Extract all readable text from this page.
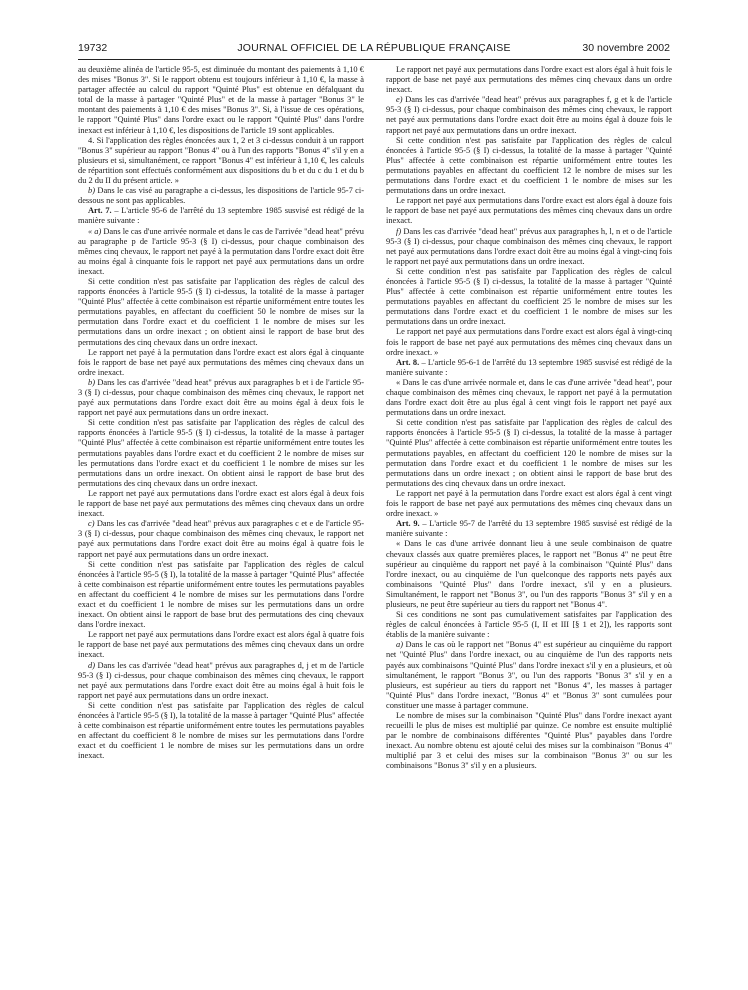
19732	JOURNAL OFFICIEL DE LA RÉPUBLIQUE FRANÇAISE	30 novembre 2002

au deuxième alinéa de l'article 95-5, est diminuée du montant des paiements à 1,10 € des mises "Bonus 3". Si le rapport obtenu est toujours inférieur à 1,10 €, la masse à partager affectée au calcul du rapport "Quinté Plus" est obtenue en défalquant du total de la masse à partager "Quinté Plus" et de la masse à partager "Bonus 3" le montant des paiements à 1,10 € des mises "Bonus 3". Si, à l'issue de ces opérations, le rapport "Quinté Plus" dans l'ordre exact ou le rapport "Quinté Plus" dans l'ordre inexact est inférieur à 1,10 €, les dispositions de l'article 19 sont applicables.

4. Si l'application des règles énoncées aux 1, 2 et 3 ci-dessus conduit à un rapport "Bonus 3" supérieur au rapport "Bonus 4" ou à l'un des rapports "Bonus 4" s'il y en a plusieurs et si, simultanément, ce rapport "Bonus 4" est inférieur à 1,10 €, les calculs de répartition sont effectués conformément aux dispositions du b et du c du 1 et du b du 2 du II du présent article. »

b) Dans le cas visé au paragraphe a ci-dessus, les dispositions de l'article 95-7 ci-dessous ne sont pas applicables.

Art. 7. – L'article 95-6 de l'arrêté du 13 septembre 1985 susvisé est rédigé de la manière suivante :

« a) Dans le cas d'une arrivée normale et dans le cas de l'arrivée "dead heat" prévu au paragraphe p de l'article 95-3 (§ I) ci-dessus, pour chaque combinaison des mêmes cinq chevaux, le rapport net payé à la permutation dans l'ordre exact doit être au moins égal à cinquante fois le rapport net payé aux permutations dans un ordre inexact.

Si cette condition n'est pas satisfaite par l'application des règles de calcul des rapports énoncées à l'article 95-5 (§ I) ci-dessus, la totalité de la masse à partager "Quinté Plus" affectée à cette combinaison est répartie uniformément entre toutes les permutations payables, en affectant du coefficient 50 le nombre de mises sur la permutation dans l'ordre exact et du coefficient 1 le nombre de mises sur les permutations dans un ordre inexact ; on obtient ainsi le rapport de base brut des permutations des cinq chevaux dans un ordre inexact.

Le rapport net payé à la permutation dans l'ordre exact est alors égal à cinquante fois le rapport de base net payé aux permutations des mêmes cinq chevaux dans un ordre inexact.

b) Dans les cas d'arrivée "dead heat" prévus aux paragraphes b et i de l'article 95-3 (§ I) ci-dessus, pour chaque combinaison des mêmes cinq chevaux, le rapport net payé aux permutations dans l'ordre exact doit être au moins égal à deux fois le rapport net payé aux permutations dans un ordre inexact.

Si cette condition n'est pas satisfaite par l'application des règles de calcul des rapports énoncées à l'article 95-5 (§ I) ci-dessus, la totalité de la masse à partager "Quinté Plus" affectée à cette combinaison est répartie uniformément entre toutes les permutations payables dans l'ordre exact et du coefficient 2 le nombre de mises sur les permutations dans l'ordre exact et du coefficient 1 le nombre de mises sur les permutations dans un ordre inexact. On obtient ainsi le rapport de base brut des permutations des cinq chevaux dans un ordre inexact.

Le rapport net payé aux permutations dans l'ordre exact est alors égal à deux fois le rapport de base net payé aux permutations des mêmes cinq chevaux dans un ordre inexact.

c) Dans les cas d'arrivée "dead heat" prévus aux paragraphes c et e de l'article 95-3 (§ I) ci-dessus, pour chaque combinaison des mêmes cinq chevaux, le rapport net payé aux permutations dans l'ordre exact doit être au moins égal à quatre fois le rapport net payé aux permutations dans un ordre inexact.

Si cette condition n'est pas satisfaite par l'application des règles de calcul énoncées à l'article 95-5 (§ I), la totalité de la masse à partager "Quinté Plus" affectée à cette combinaison est répartie uniformément entre toutes les permutations payables en affectant du coefficient 4 le nombre de mises sur les permutations dans l'ordre exact et du coefficient 1 le nombre de mises sur les permutations dans un ordre inexact. On obtient ainsi le rapport de base brut des permutations des cinq chevaux dans l'ordre inexact.

Le rapport net payé aux permutations dans l'ordre exact est alors égal à quatre fois le rapport de base net payé aux permutations des mêmes cinq chevaux dans un ordre inexact.

d) Dans les cas d'arrivée "dead heat" prévus aux paragraphes d, j et m de l'article 95-3 (§ I) ci-dessus, pour chaque combinaison des mêmes cinq chevaux, le rapport net payé aux permutations dans l'ordre exact doit être au moins égal à huit fois le rapport net payé aux permutations dans un ordre inexact.

Si cette condition n'est pas satisfaite par l'application des règles de calcul énoncées à l'article 95-5 (§ I), la totalité de la masse à partager "Quinté Plus" affectée à cette combinaison est répartie uniformément entre toutes les permutations payables en affectant du coefficient 8 le nombre de mises sur les permutations dans l'ordre exact et du coefficient 1 le nombre de mises sur les permutations dans un ordre inexact.

Le rapport net payé aux permutations dans l'ordre exact est alors égal à huit fois le rapport de base net payé aux permutations des mêmes cinq chevaux dans un ordre inexact.

e) Dans les cas d'arrivée "dead heat" prévus aux paragraphes f, g et k de l'article 95-3 (§ I) ci-dessus, pour chaque combinaison des mêmes cinq chevaux, le rapport net payé aux permutations dans l'ordre exact doit être au moins égal à douze fois le rapport net payé aux permutations dans un ordre inexact.

Si cette condition n'est pas satisfaite par l'application des règles de calcul énoncées à l'article 95-5 (§ I) ci-dessus, la totalité de la masse à partager "Quinté Plus" affectée à cette combinaison est répartie uniformément entre toutes les permutations payables en affectant du coefficient 12 le nombre de mises sur les permutations dans l'ordre exact et du coefficient 1 le nombre de mises sur les permutations dans un ordre inexact.

Le rapport net payé aux permutations dans l'ordre exact est alors égal à douze fois le rapport de base net payé aux permutations des mêmes cinq chevaux dans un ordre inexact.

f) Dans les cas d'arrivée "dead heat" prévus aux paragraphes h, l, n et o de l'article 95-3 (§ I) ci-dessus, pour chaque combinaison des mêmes cinq chevaux, le rapport net payé aux permutations dans l'ordre exact doit être au moins égal à vingt-cinq fois le rapport net payé aux permutations dans un ordre inexact.

Si cette condition n'est pas satisfaite par l'application des règles de calcul énoncées à l'article 95-5 (§ I) ci-dessus, la totalité de la masse à partager "Quinté Plus" affectée à cette combinaison est répartie uniformément entre toutes les permutations payables en affectant du coefficient 25 le nombre de mises sur les permutations dans l'ordre exact et du coefficient 1 le nombre de mises sur les permutations dans un ordre inexact.

Le rapport net payé aux permutations dans l'ordre exact est alors égal à vingt-cinq fois le rapport de base net payé aux permutations des mêmes cinq chevaux dans un ordre inexact. »

Art. 8. – L'article 95-6-1 de l'arrêté du 13 septembre 1985 susvisé est rédigé de la manière suivante :

« Dans le cas d'une arrivée normale et, dans le cas d'une arrivée "dead heat", pour chaque combinaison des mêmes cinq chevaux, le rapport net payé à la permutation dans l'ordre exact doit être au plus égal à cent vingt fois le rapport net payé aux permutations dans un ordre inexact.

Si cette condition n'est pas satisfaite par l'application des règles de calcul des rapports énoncées à l'article 95-5 (§ I) ci-dessus, la totalité de la masse à partager "Quinté Plus" affectée à cette combinaison est répartie uniformément entre toutes les permutations payables, en affectant du coefficient 120 le nombre de mises sur la permutation dans l'ordre exact et du coefficient 1 le nombre de mises sur les permutations dans un ordre inexact ; on obtient ainsi le rapport de base brut des permutations des cinq chevaux dans un ordre inexact.

Le rapport net payé à la permutation dans l'ordre exact est alors égal à cent vingt fois le rapport de base net payé aux permutations des mêmes cinq chevaux dans un ordre inexact. »

Art. 9. – L'article 95-7 de l'arrêté du 13 septembre 1985 susvisé est rédigé de la manière suivante :

« Dans le cas d'une arrivée donnant lieu à une seule combinaison de quatre chevaux classés aux quatre premières places, le rapport net "Bonus 4" ne peut être supérieur au cinquième du rapport net payé à la combinaison "Quinté Plus" dans l'ordre inexact, ou au cinquième de l'un quelconque des rapports nets payés aux combinaisons "Quinté Plus" dans l'ordre inexact, s'il y en a plusieurs. Simultanément, le rapport net "Bonus 3", ou l'un des rapports "Bonus 3" s'il y en a plusieurs, ne peut être supérieur au tiers du rapport net "Bonus 4".

Si ces conditions ne sont pas cumulativement satisfaites par l'application des règles de calcul énoncées à l'article 95-5 (I, II et III [§ 1 et 2]), les rapports sont établis de la manière suivante :

a) Dans le cas où le rapport net "Bonus 4" est supérieur au cinquième du rapport net "Quinté Plus" dans l'ordre inexact, ou au cinquième de l'un des rapports nets payés aux combinaisons "Quinté Plus" dans l'ordre inexact s'il y en a plusieurs, et où simultanément, le rapport "Bonus 3", ou l'un des rapports "Bonus 3" s'il y en a plusieurs, est supérieur au tiers du rapport net "Bonus 4", les masses à partager "Quinté Plus" dans l'ordre inexact, "Bonus 4" et "Bonus 3" sont cumulées pour constituer une masse à partager commune.

Le nombre de mises sur la combinaison "Quinté Plus" dans l'ordre inexact ayant recueilli le plus de mises est multiplié par quinze. Ce nombre est ensuite multiplié par le nombre de combinaisons différentes "Quinté Plus" payables dans l'ordre inexact. Au nombre obtenu est ajouté celui des mises sur la combinaison "Bonus 4" multiplié par 3 et celui des mises sur la combinaison "Bonus 3" ou sur les combinaisons "Bonus 3" s'il y en a plusieurs.
